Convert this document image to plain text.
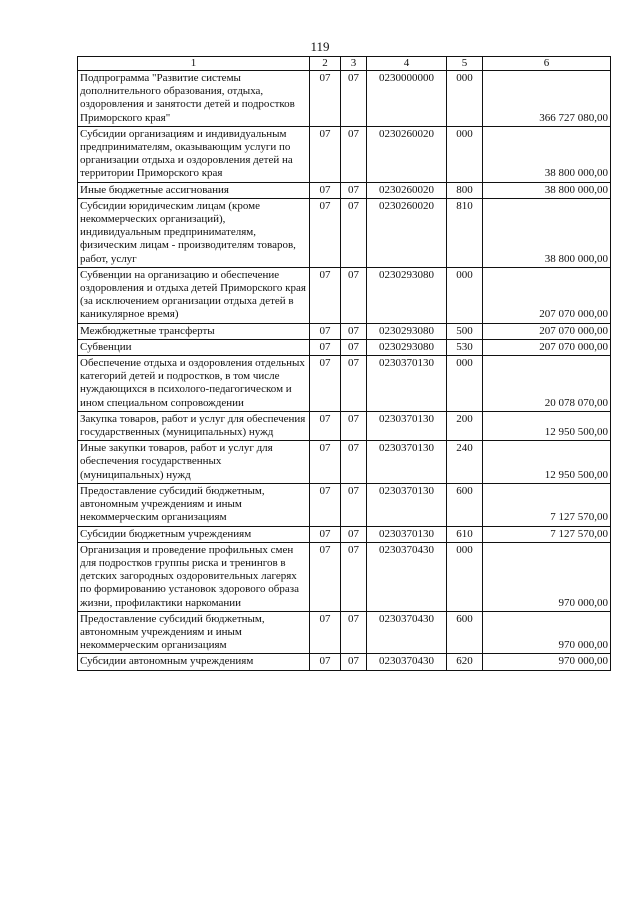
119
1	2	3	4	5	6
Подпрограмма "Развитие системы дополнительного образования, отдыха, оздоровления и занятости детей и подростков Приморского края"	07	07	0230000000	000	366 727 080,00
Субсидии организациям и индивидуальным предпринимателям, оказывающим услуги по организации отдыха и оздоровления детей на территории Приморского края	07	07	0230260020	000	38 800 000,00
Иные бюджетные ассигнования	07	07	0230260020	800	38 800 000,00
Субсидии юридическим лицам (кроме некоммерческих организаций), индивидуальным предпринимателям, физическим лицам - производителям товаров, работ, услуг	07	07	0230260020	810	38 800 000,00
Субвенции на организацию и обеспечение оздоровления и отдыха детей Приморского края (за исключением организации отдыха детей в каникулярное время)	07	07	0230293080	000	207 070 000,00
Межбюджетные трансферты	07	07	0230293080	500	207 070 000,00
Субвенции	07	07	0230293080	530	207 070 000,00
Обеспечение отдыха и оздоровления отдельных категорий детей и подростков, в том числе нуждающихся в психолого-педагогическом и ином специальном сопровождении	07	07	0230370130	000	20 078 070,00
Закупка товаров, работ и услуг для обеспечения государственных (муниципальных) нужд	07	07	0230370130	200	12 950 500,00
Иные закупки товаров, работ и услуг для обеспечения государственных (муниципальных) нужд	07	07	0230370130	240	12 950 500,00
Предоставление субсидий бюджетным, автономным учреждениям и иным некоммерческим организациям	07	07	0230370130	600	7 127 570,00
Субсидии бюджетным учреждениям	07	07	0230370130	610	7 127 570,00
Организация и проведение профильных смен для подростков группы риска и тренингов в детских загородных оздоровительных лагерях по формированию установок здорового образа жизни, профилактики наркомании	07	07	0230370430	000	970 000,00
Предоставление субсидий бюджетным, автономным учреждениям и иным некоммерческим организациям	07	07	0230370430	600	970 000,00
Субсидии автономным учреждениям	07	07	0230370430	620	970 000,00
